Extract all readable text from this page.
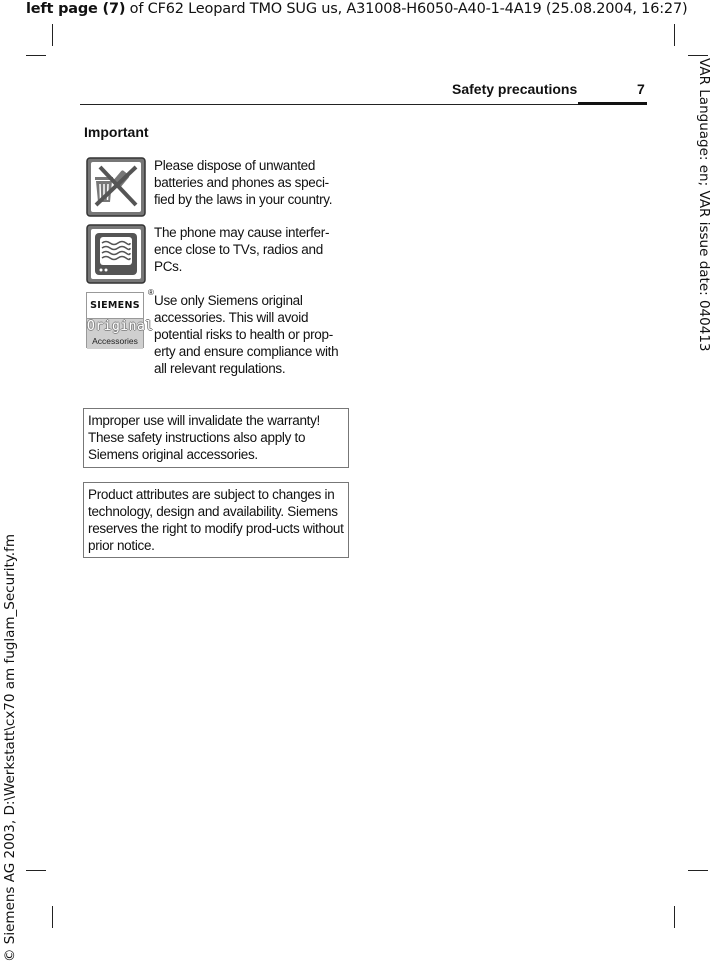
left page (7) of CF62 Leopard TMO SUG us, A31008-H6050-A40-1-4A19 (25.08.2004, 16:27)
VAR Language: en; VAR issue date: 040413
© Siemens AG 2003, D:\Werkstatt\cx70 am fuglam_Security.fm
Safety precautions	7
Important
Please dispose of unwanted batteries and phones as speci-fied by the laws in your country.
The phone may cause interfer-ence close to TVs, radios and PCs.
SIEMENS
Original
Accessories
®
Use only Siemens original accessories. This will avoid potential risks to health or prop-erty and ensure compliance with all relevant regulations.
Improper use will invalidate the warranty! These safety instructions also apply to Siemens original accessories.
Product attributes are subject to changes in technology, design and availability. Siemens reserves the right to modify prod-ucts without prior notice.
